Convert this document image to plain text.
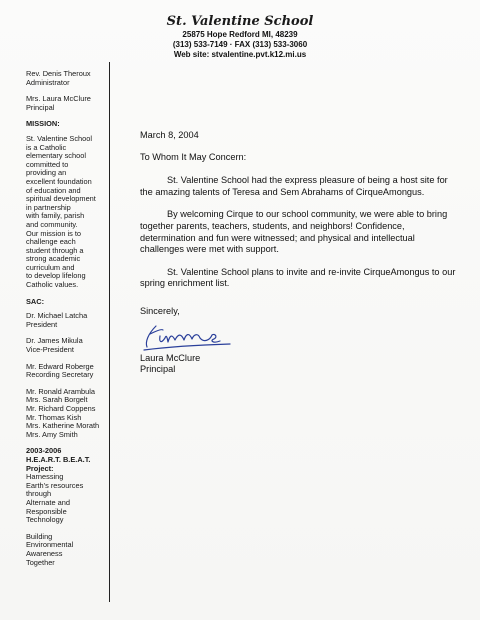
St. Valentine School
25875 Hope Redford MI, 48239
(313) 533-7149 · FAX (313) 533-3060
Web site: stvalentine.pvt.k12.mi.us
Rev. Denis Theroux
Administrator
Mrs. Laura McClure
Principal
MISSION:
St. Valentine School
is a Catholic
elementary school
committed to
providing an
excellent foundation
of education and
spiritual development
in partnership
with family, parish
and community.
Our mission is to
challenge each
student through a
strong academic
curriculum and
to develop lifelong
Catholic values.
SAC:
Dr. Michael Latcha
President
Dr. James Mikula
Vice-President
Mr. Edward Roberge
Recording Secretary
Mr. Ronald Arambula
Mrs. Sarah Borgelt
Mr. Richard Coppens
Mr. Thomas Kish
Mrs. Katherine Morath
Mrs. Amy Smith
2003-2006
H.E.A.R.T. B.E.A.T.
Project:
Harnessing
Earth's resources
through
Alternate and
Responsible
Technology
Building
Environmental
Awareness
Together
March 8, 2004
To Whom It May Concern:
St. Valentine School had the express pleasure of being a host site for the amazing talents of Teresa and Sem Abrahams of CirqueAmongus.
By welcoming Cirque to our school community, we were able to bring together parents, teachers, students, and neighbors! Confidence, determination and fun were witnessed; and physical and intellectual challenges were met with support.
St. Valentine School plans to invite and re-invite CirqueAmongus to our spring enrichment list.
Sincerely,
Laura McClure
Principal
